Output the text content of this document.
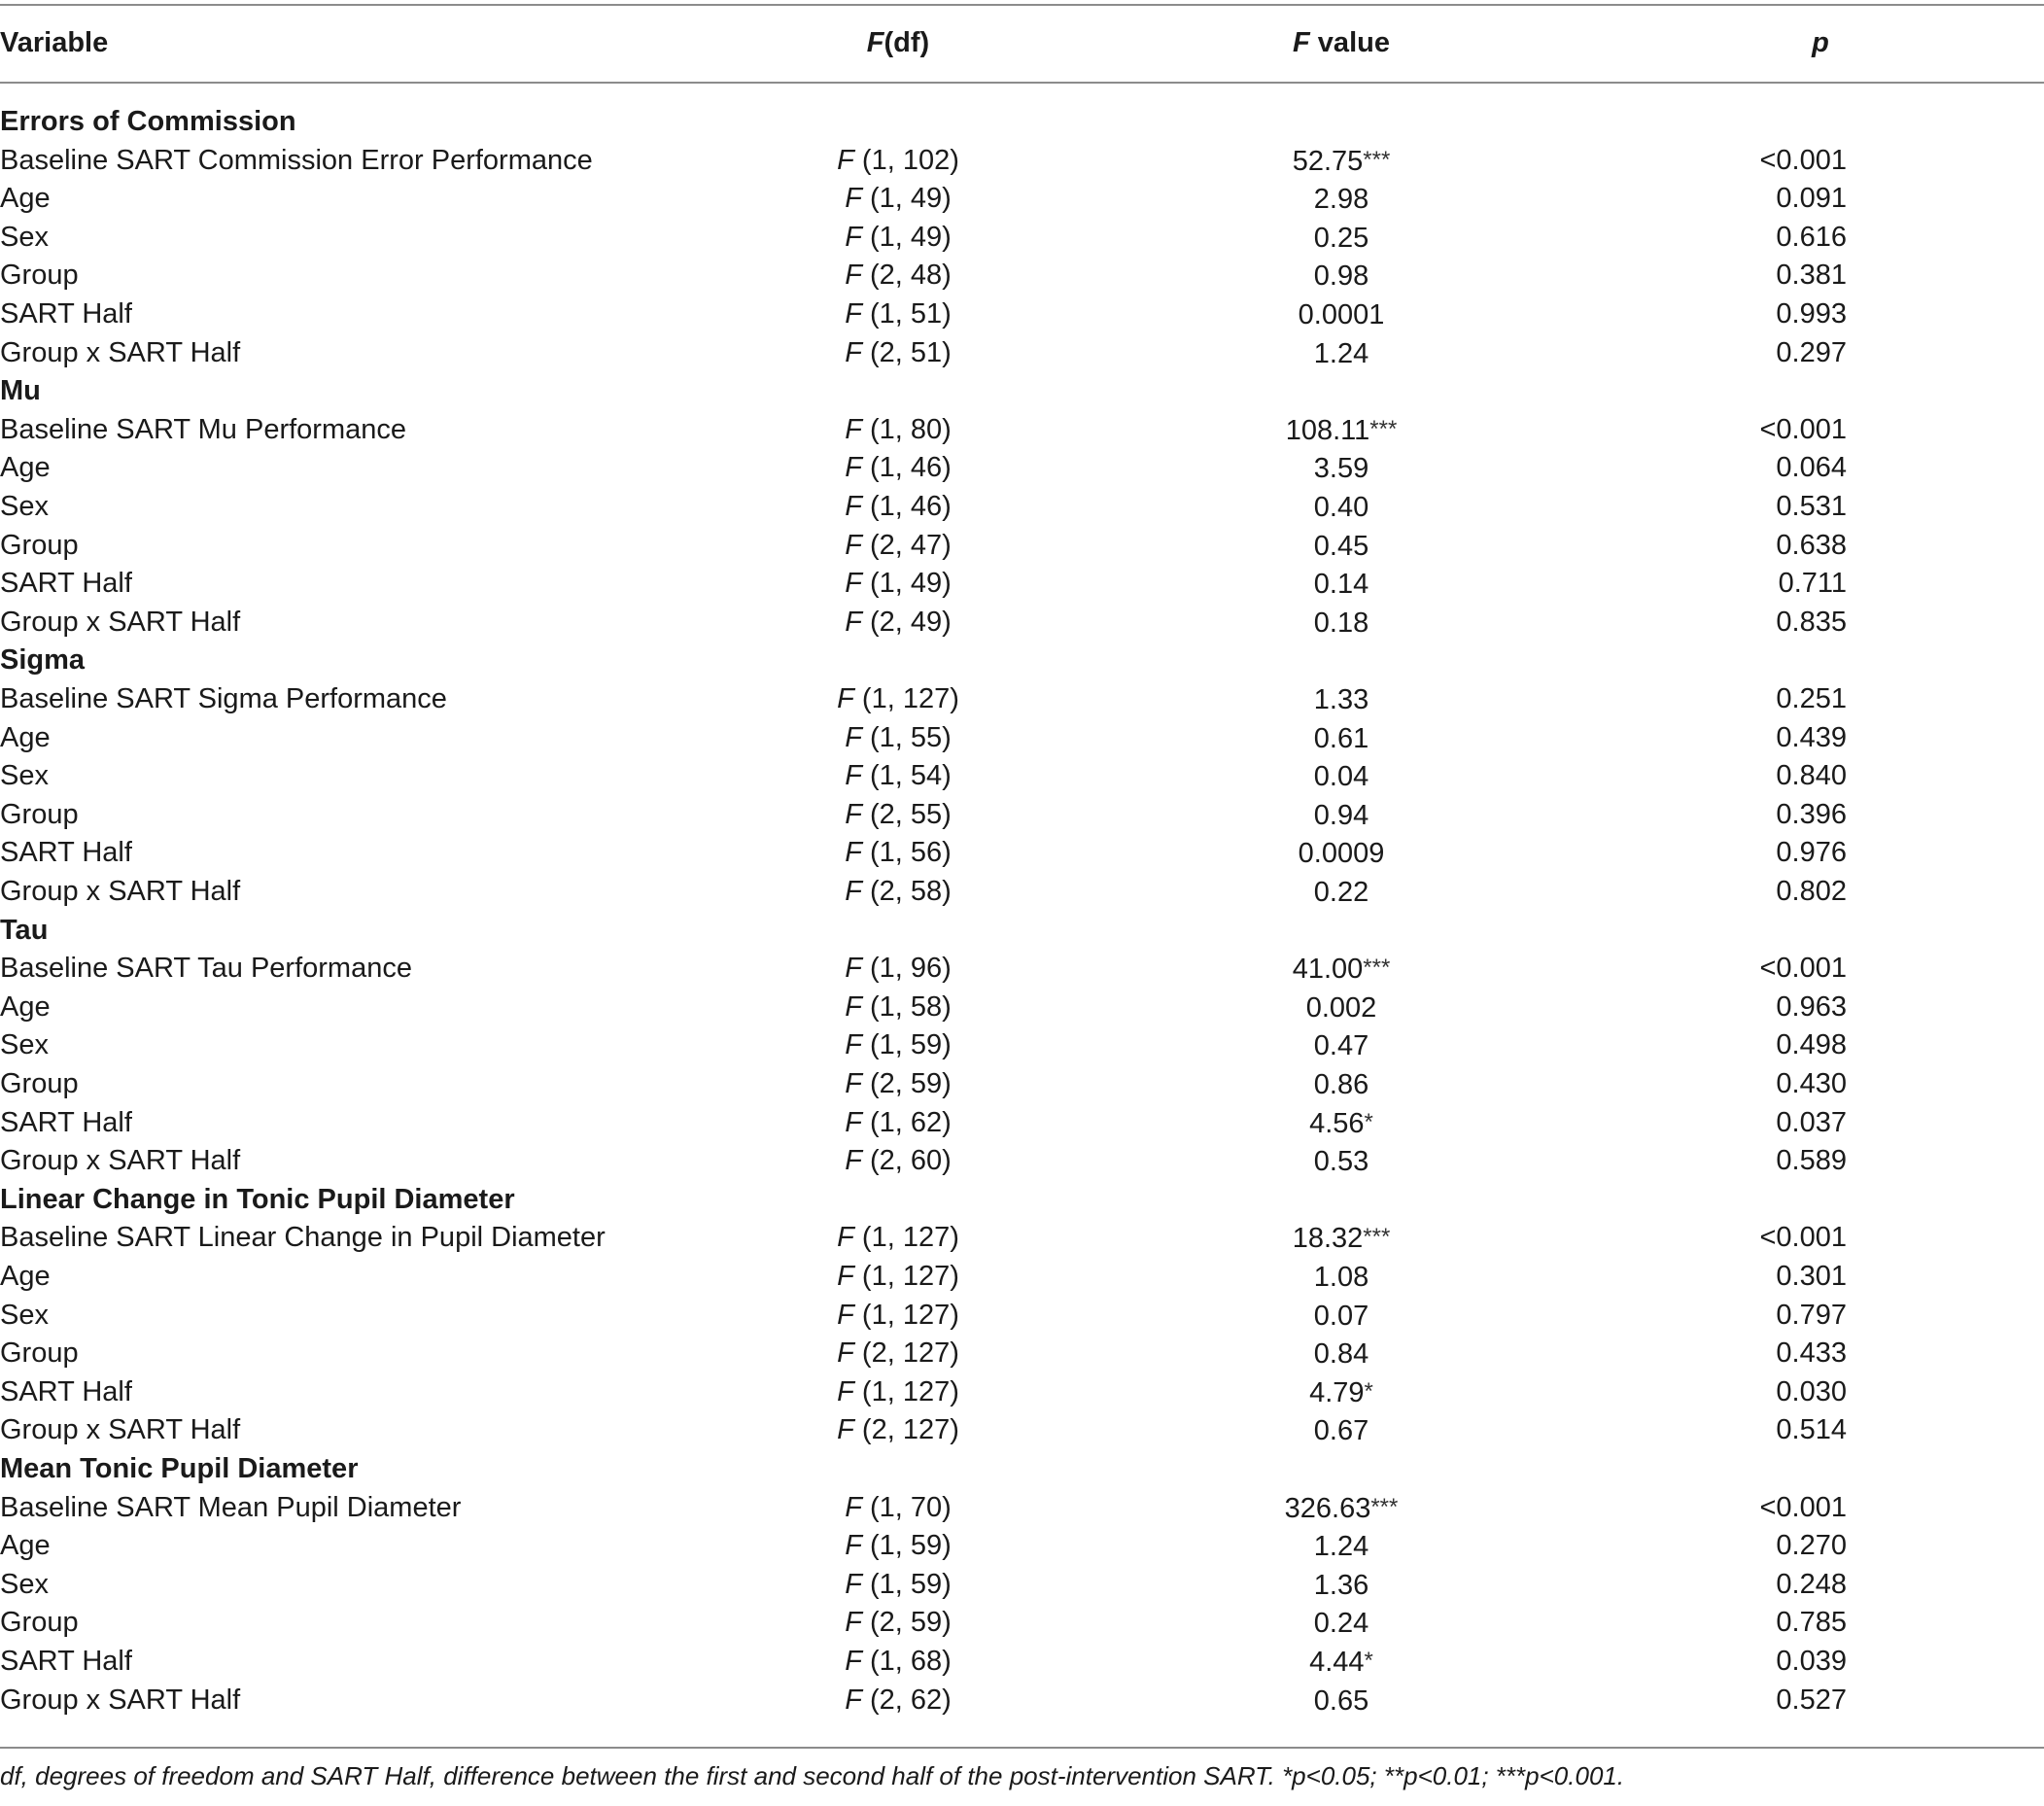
Variable	F(df)	F value	p
Errors of Commission
Baseline SART Commission Error Performance	F (1, 102)	52.75***	<0.001
Age	F (1, 49)	2.98	0.091
Sex	F (1, 49)	0.25	0.616
Group	F (2, 48)	0.98	0.381
SART Half	F (1, 51)	0.0001	0.993
Group x SART Half	F (2, 51)	1.24	0.297
Mu
Baseline SART Mu Performance	F (1, 80)	108.11***	<0.001
Age	F (1, 46)	3.59	0.064
Sex	F (1, 46)	0.40	0.531
Group	F (2, 47)	0.45	0.638
SART Half	F (1, 49)	0.14	0.711
Group x SART Half	F (2, 49)	0.18	0.835
Sigma
Baseline SART Sigma Performance	F (1, 127)	1.33	0.251
Age	F (1, 55)	0.61	0.439
Sex	F (1, 54)	0.04	0.840
Group	F (2, 55)	0.94	0.396
SART Half	F (1, 56)	0.0009	0.976
Group x SART Half	F (2, 58)	0.22	0.802
Tau
Baseline SART Tau Performance	F (1, 96)	41.00***	<0.001
Age	F (1, 58)	0.002	0.963
Sex	F (1, 59)	0.47	0.498
Group	F (2, 59)	0.86	0.430
SART Half	F (1, 62)	4.56*	0.037
Group x SART Half	F (2, 60)	0.53	0.589
Linear Change in Tonic Pupil Diameter
Baseline SART Linear Change in Pupil Diameter	F (1, 127)	18.32***	<0.001
Age	F (1, 127)	1.08	0.301
Sex	F (1, 127)	0.07	0.797
Group	F (2, 127)	0.84	0.433
SART Half	F (1, 127)	4.79*	0.030
Group x SART Half	F (2, 127)	0.67	0.514
Mean Tonic Pupil Diameter
Baseline SART Mean Pupil Diameter	F (1, 70)	326.63***	<0.001
Age	F (1, 59)	1.24	0.270
Sex	F (1, 59)	1.36	0.248
Group	F (2, 59)	0.24	0.785
SART Half	F (1, 68)	4.44*	0.039
Group x SART Half	F (2, 62)	0.65	0.527
df, degrees of freedom and SART Half, difference between the first and second half of the post-intervention SART. *p<0.05; **p<0.01; ***p<0.001.
